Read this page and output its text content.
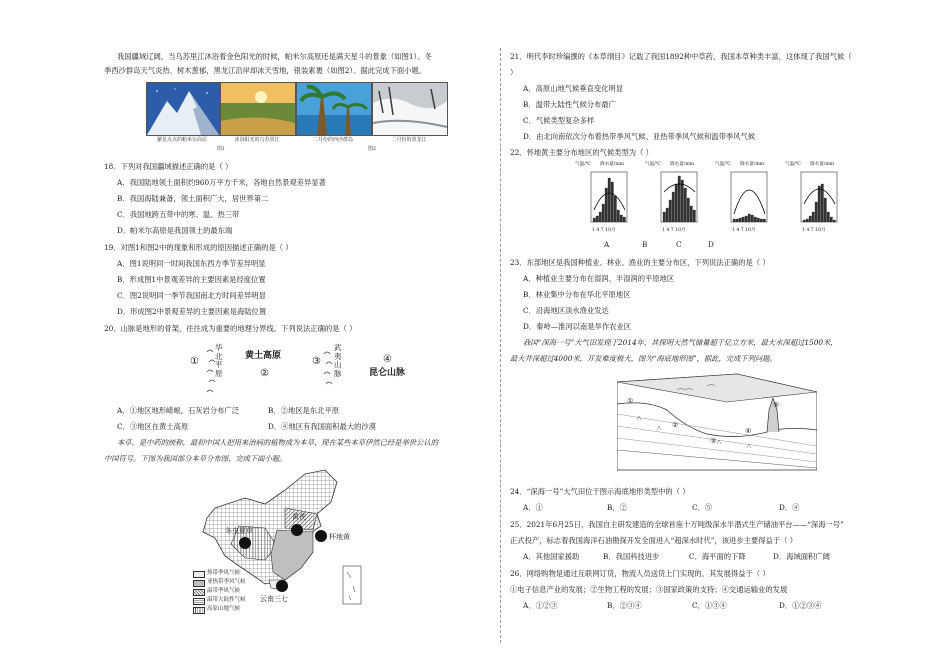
我国疆域辽阔，当乌苏里江沐浴着金色阳光的时候，帕米尔高原还是满天星斗的景象（如图1）。冬
季西沙群岛天气炎热、树木葱郁，黑龙江沿岸却冰天雪地，银装素裹（如图2）。据此完成下面小题。
繁星点点的帕米尔高原	沐浴阳光的乌苏里江	二月份的西沙群岛	二月份的黑龙江
图1	图2
18．下列对我国疆域描述正确的是（ ）
A．我国陆地领土面积约960万平方千米，各地自然景观差异显著
B．我国海陆兼备，领土面积广大，居世界第二
C．我国地跨五带中的寒、温、热三带
D．帕米尔高原是我国领土的最东端
19．对图1和图2中的现象和形成的原因描述正确的是（ ）
A．图1说明同一时间我国东西方季节差异明显
B．形成图1中景观差异的主要因素是经度位置
C．图2说明同一季节我国南北方时间差异明显
D．形成图2中景观差异的主要因素是海陆位置
20．山脉是地形的骨架，往往成为重要的地理分界线。下列说法正确的是（ ）
①
华北平原
黄土高原
②
③
武夷山脉
④
昆仑山脉
A．①地区地形崎岖，石灰岩分布广泛	B．②地区是东北平原
C．③地区在黄土高原	D．④地区有我国面积最大的沙漠
本草，是中药的统称，最初中国人把用来治病的植物成为本草，现在某些本草伊然已经是举世公认的
中国符号。下图为我国部分本草分布图，完成下面小题。
黄芪
冬虫夏草
杯地黄
云南三七
热带季风气候
亚热带季风气候
温带季风气候
温带大陆性气候
高原山地气候
21．明代李时珍编撰的《本草纲目》记载了我国1892种中草药，我国本草种类丰富，这体现了我国气候（
）
A．高原山地气候垂直变化明显
B．温带大陆性气候分布最广
C．气候类型复杂多样
D．由北向南依次分布着热带季风气候、亚热带季风气候和温带季风气候
22．怀地黄主要分布地区的气候类型为（ ）
气温/℃ 降水量/mm
1 4 7 10月
气温/℃ 降水量/mm
1 4 7 10月
气温/℃ 降水量/mm
1 4 7 10月
气温/℃ 降水量/mm
1 4 7 10月
A	B	C	D
23．东部地区是我国种植业、林业、渔业的主要分布区，下列说法正确的是（ ）
A．种植业主要分布在湿润、半湿润的平原地区
B．林业集中分布在华北平原地区
C．沿海地区淡水渔业发达
D．秦岭—淮河以南是旱作农业区
我国“深海一号”大气田发现于2014年，其探明天然气储量超千亿立方米，最大水深超过1500米，
最大井深超过4000米，开发难度极大，图为“海底地形图”，据此，完成下列问题。
①
②
③
④
⑤
24．“深海一号”大气田位于图示海底地形类型中的（ ）
A．①	B．②	C．⑤	D．④
25．2021年6月25日，我国自主研发建造的全球首座十万吨级深水半潜式生产储油平台——“深海一号”
正式投产，标志着我国海洋石油勘探开发全面进入“超深水时代”，该进步主要得益于（ ）
A．其他国家援助	B．我国科技进步	C．海平面的下降	D．海域面积广阔
26．网络购物是通过互联网订货，物流人员送货上门实现的，其发展得益于（ ）
①电子信息产业的发展；②生物工程的发展；③国家政策的支持；④交通运输业的发展
A．①②③	B．②③④	C．①③④	D．①②③④
